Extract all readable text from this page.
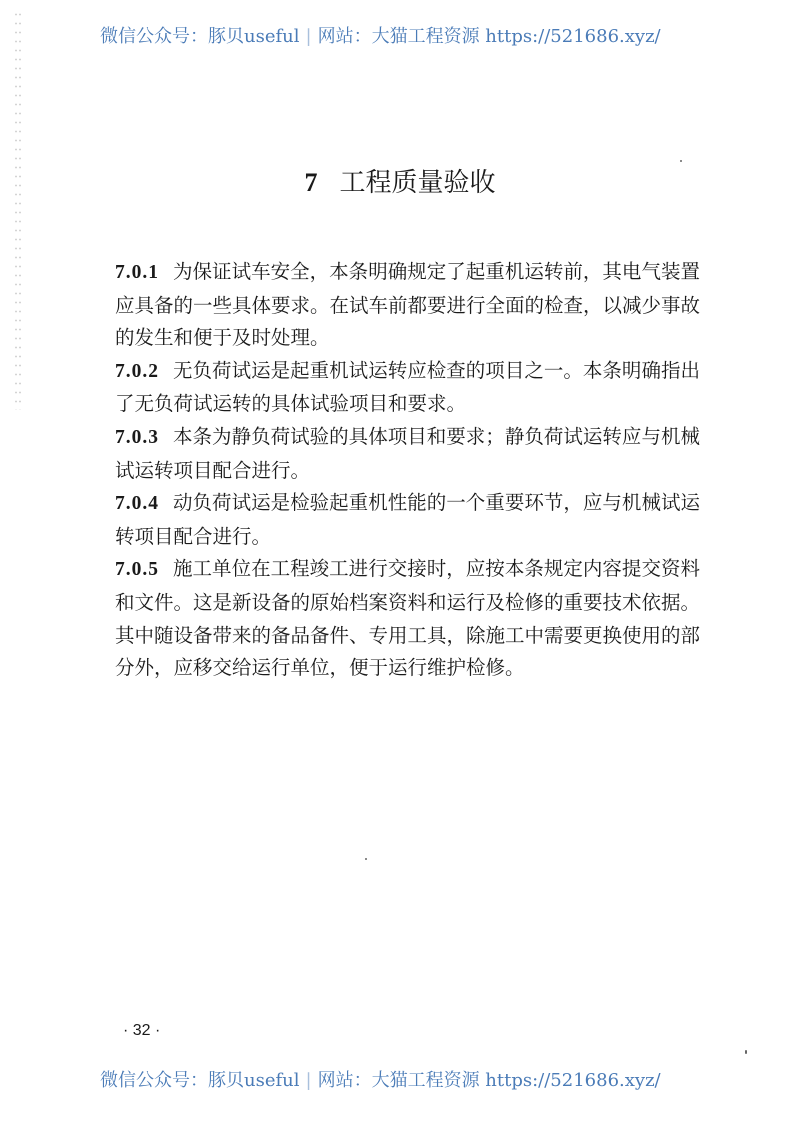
微信公众号：豚贝useful | 网站：大猫工程资源 https://521686.xyz/
7 工程质量验收

7.0.1 为保证试车安全，本条明确规定了起重机运转前，其电气装置应具备的一些具体要求。在试车前都要进行全面的检查，以减少事故的发生和便于及时处理。

7.0.2 无负荷试运是起重机试运转应检查的项目之一。本条明确指出了无负荷试运转的具体试验项目和要求。

7.0.3 本条为静负荷试验的具体项目和要求；静负荷试运转应与机械试运转项目配合进行。

7.0.4 动负荷试运是检验起重机性能的一个重要环节，应与机械试运转项目配合进行。

7.0.5 施工单位在工程竣工进行交接时，应按本条规定内容提交资料和文件。这是新设备的原始档案资料和运行及检修的重要技术依据。其中随设备带来的备品备件、专用工具，除施工中需要更换使用的部分外，应移交给运行单位，便于运行维护检修。

· 32 ·
微信公众号：豚贝useful | 网站：大猫工程资源 https://521686.xyz/
